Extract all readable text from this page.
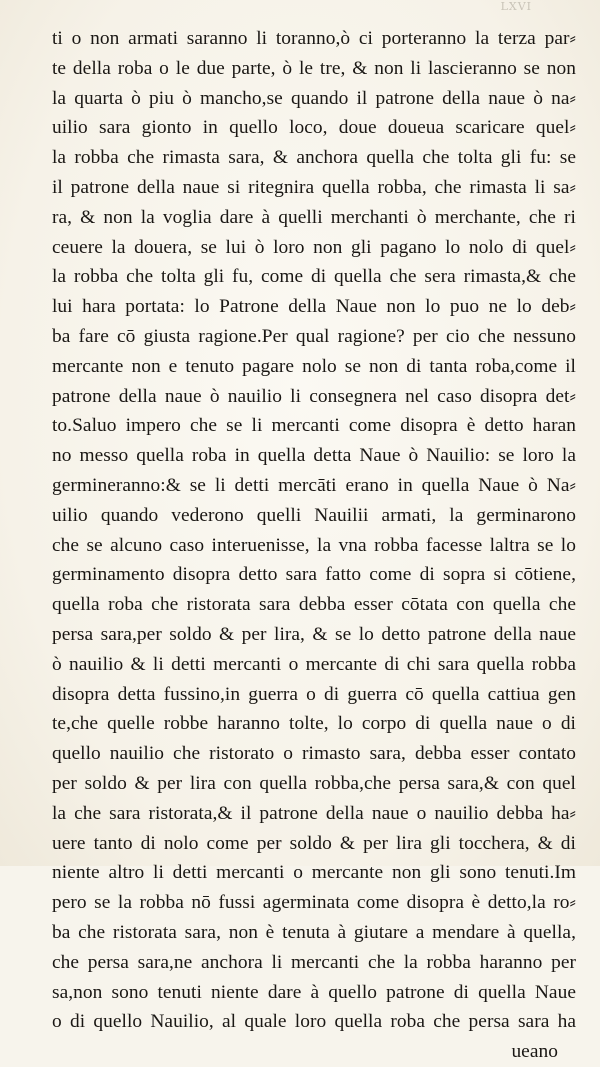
LXVI
ti o non armati saranno li toranno,ò ci porteranno la terza par⸗
te della roba o le due parte, ò le tre, & non li lascieranno se non
la quarta ò piu ò mancho,se quando il patrone della naue ò na⸗
uilio sara gionto in quello loco, doue doueua scaricare quel⸗
la robba che rimasta sara, & anchora quella che tolta gli fu: se
il patrone della naue si ritegnira quella robba, che rimasta li sa⸗
ra, & non la voglia dare à quelli merchanti ò merchante, che ri
ceuere la douera, se lui ò loro non gli pagano lo nolo di quel⸗
la robba che tolta gli fu, come di quella che sera rimasta,& che
lui hara portata: lo Patrone della Naue non lo puo ne lo deb⸗
ba fare cō giusta ragione.Per qual ragione? per cio che nessuno
mercante non e tenuto pagare nolo se non di tanta roba,come il
patrone della naue ò nauilio li consegnera nel caso disopra det⸗
to.Saluo impero che se li mercanti come disopra è detto haran
no messo quella roba in quella detta Naue ò Nauilio: se loro la
germineranno:& se li detti mercāti erano in quella Naue ò Na⸗
uilio quando vederono quelli Nauilii armati, la germinarono
che se alcuno caso interuenisse, la vna robba facesse laltra se lo
germinamento disopra detto sara fatto come di sopra si cōtiene,
quella roba che ristorata sara debba esser cōtata con quella che
persa sara,per soldo & per lira, & se lo detto patrone della naue
ò nauilio & li detti mercanti o mercante di chi sara quella robba
disopra detta fussino,in guerra o di guerra cō quella cattiua gen
te,che quelle robbe haranno tolte, lo corpo di quella naue o di
quello nauilio che ristorato o rimasto sara, debba esser contato
per soldo & per lira con quella robba,che persa sara,& con quel
la che sara ristorata,& il patrone della naue o nauilio debba ha⸗
uere tanto di nolo come per soldo & per lira gli tocchera, & di
niente altro li detti mercanti o mercante non gli sono tenuti.Im
pero se la robba nō fussi agerminata come disopra è detto,la ro⸗
ba che ristorata sara, non è tenuta à giutare a mendare à quella,
che persa sara,ne anchora li mercanti che la robba haranno per
sa,non sono tenuti niente dare à quello patrone di quella Naue
o di quello Nauilio, al quale loro quella roba che persa sara ha
ueano
